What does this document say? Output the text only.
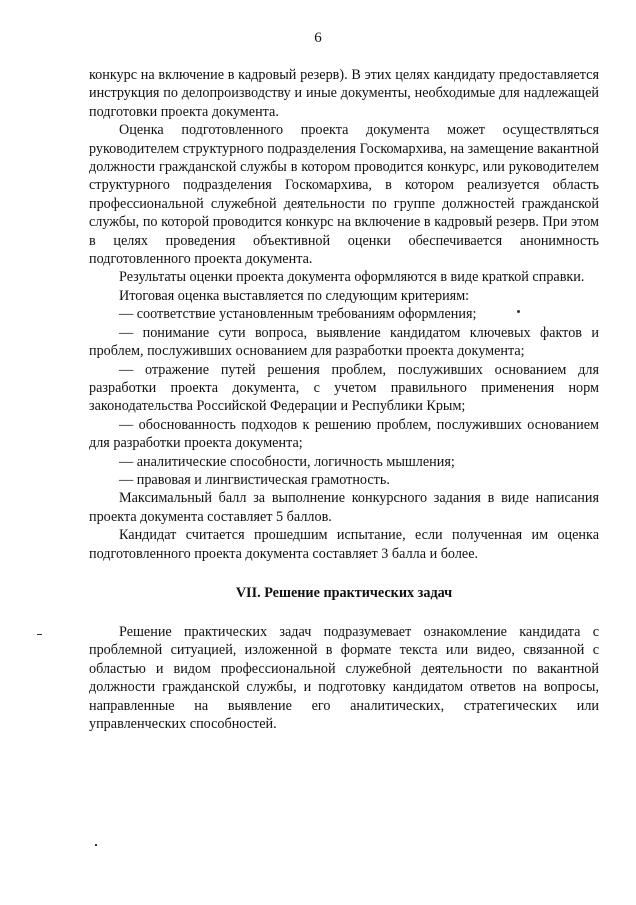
6

конкурс на включение в кадровый резерв). В этих целях кандидату предоставляется инструкция по делопроизводству и иные документы, необходимые для надлежащей подготовки проекта документа.

Оценка подготовленного проекта документа может осуществляться руководителем структурного подразделения Госкомархива, на замещение вакантной должности гражданской службы в котором проводится конкурс, или руководителем структурного подразделения Госкомархива, в котором реализуется область профессиональной служебной деятельности по группе должностей гражданской службы, по которой проводится конкурс на включение в кадровый резерв. При этом в целях проведения объективной оценки обеспечивается анонимность подготовленного проекта документа.

Результаты оценки проекта документа оформляются в виде краткой справки.

Итоговая оценка выставляется по следующим критериям:

— соответствие установленным требованиям оформления;

— понимание сути вопроса, выявление кандидатом ключевых фактов и проблем, послуживших основанием для разработки проекта документа;

— отражение путей решения проблем, послуживших основанием для разработки проекта документа, с учетом правильного применения норм законодательства Российской Федерации и Республики Крым;

— обоснованность подходов к решению проблем, послуживших основанием для разработки проекта документа;

— аналитические способности, логичность мышления;

— правовая и лингвистическая грамотность.

Максимальный балл за выполнение конкурсного задания в виде написания проекта документа составляет 5 баллов.

Кандидат считается прошедшим испытание, если полученная им оценка подготовленного проекта документа составляет 3 балла и более.

VII. Решение практических задач

Решение практических задач подразумевает ознакомление кандидата с проблемной ситуацией, изложенной в формате текста или видео, связанной с областью и видом профессиональной служебной деятельности по вакантной должности гражданской службы, и подготовку кандидатом ответов на вопросы, направленные на выявление его аналитических, стратегических или управленческих способностей.
